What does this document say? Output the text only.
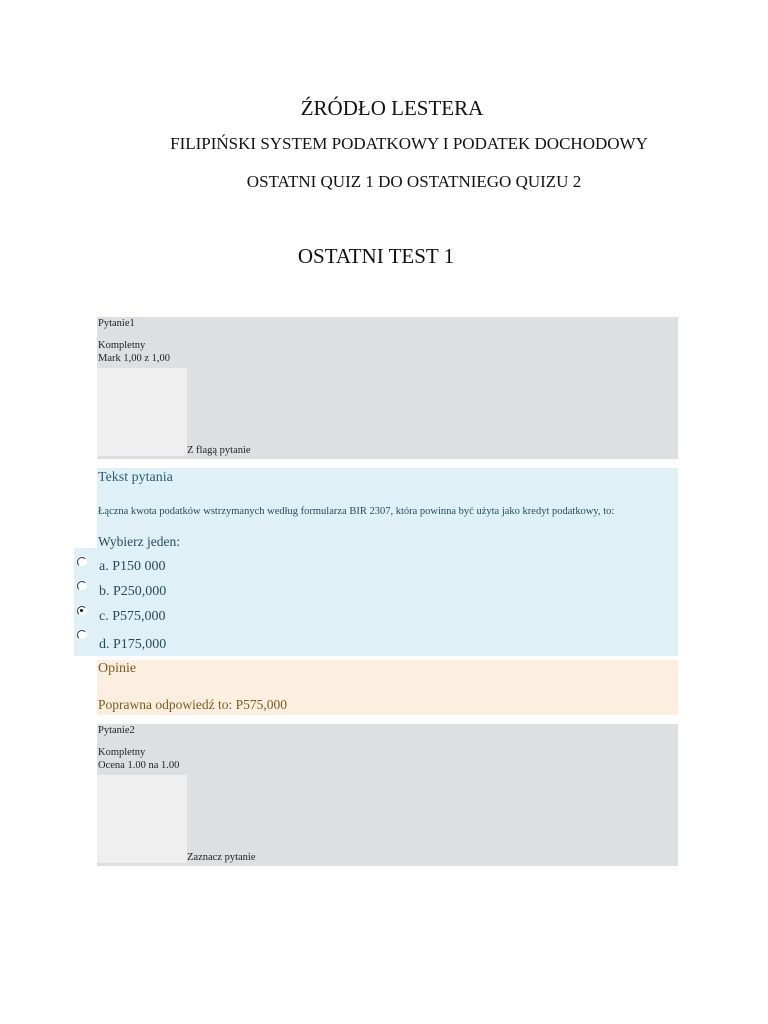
ŹRÓDŁO LESTERA
FILIPIŃSKI SYSTEM PODATKOWY I PODATEK DOCHODOWY
OSTATNI QUIZ 1 DO OSTATNIEGO QUIZU 2
OSTATNI TEST 1
Pytanie1
Kompletny
Mark 1,00 z 1,00
Z flagą pytanie
Tekst pytania
Łączna kwota podatków wstrzymanych według formularza BIR 2307, która powinna być użyta jako kredyt podatkowy, to:
Wybierz jeden:
a. P150 000
b. P250,000
c. P575,000
d. P175,000
Opinie
Poprawna odpowiedź to: P575,000
Pytanie2
Kompletny
Ocena 1.00 na 1.00
Zaznacz pytanie
